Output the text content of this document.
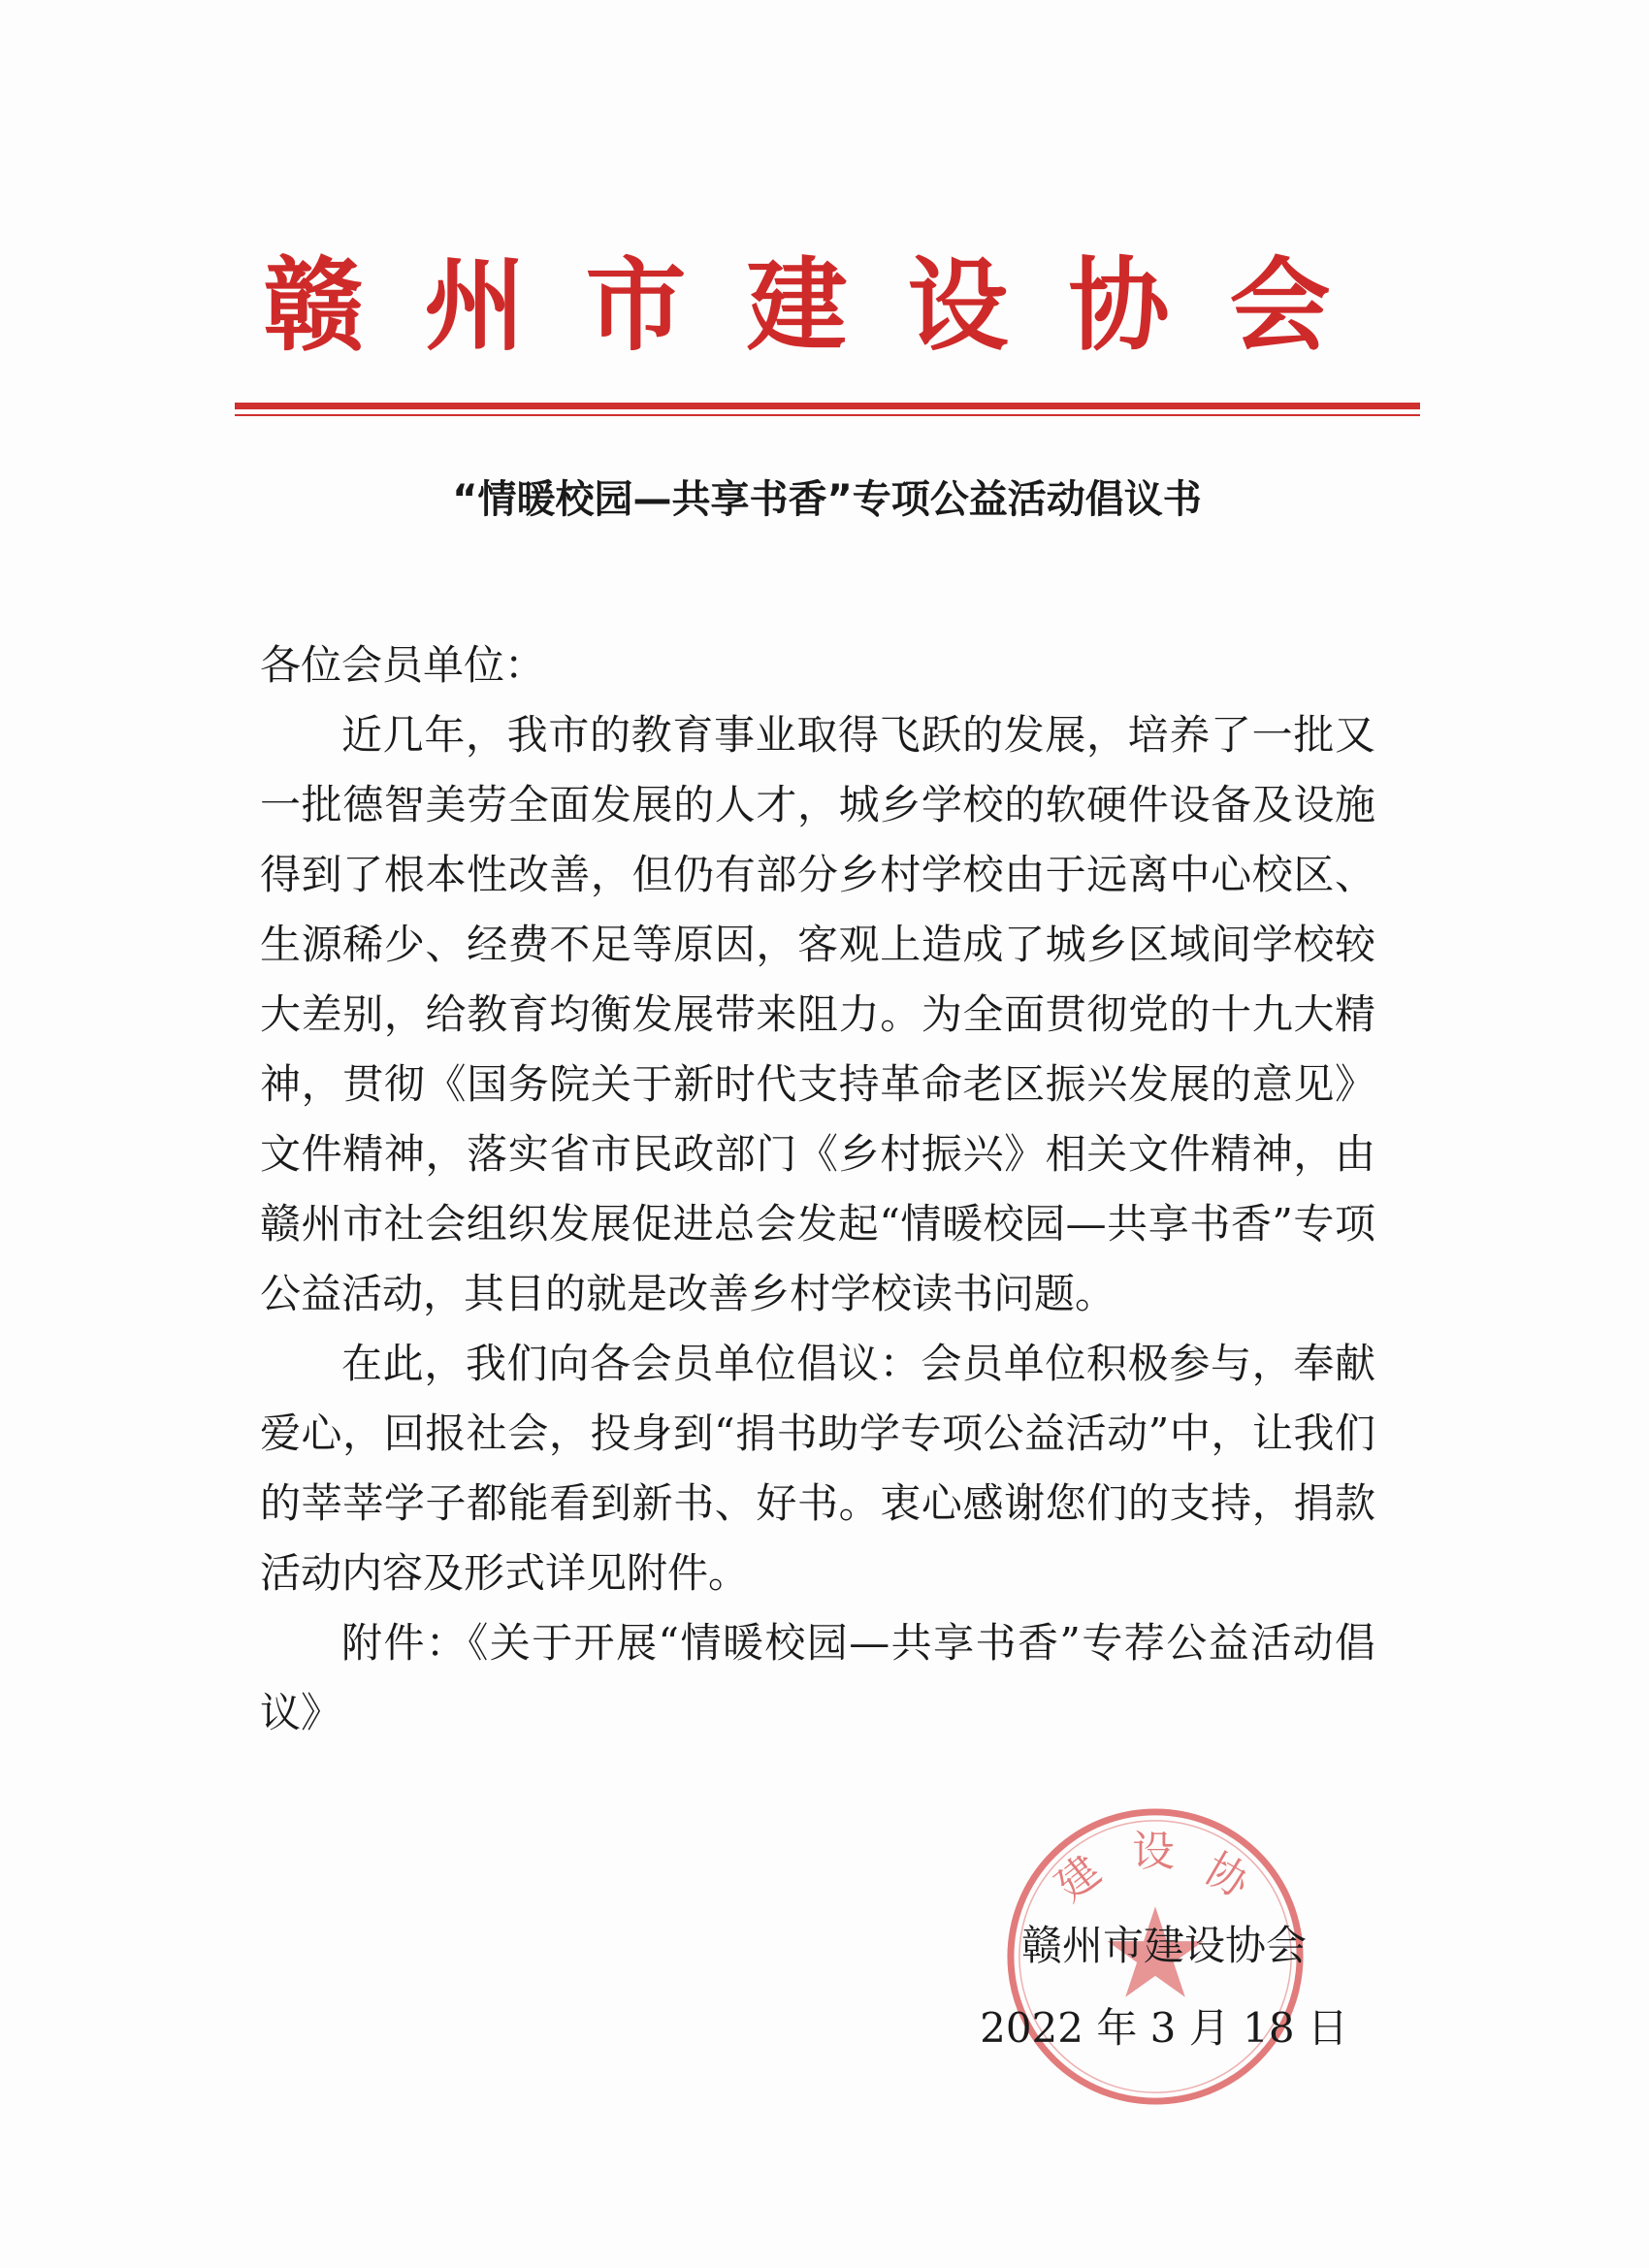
赣州市建设协会
“情暖校园—共享书香”专项公益活动倡议书
各位会员单位：

近几年，我市的教育事业取得飞跃的发展，培养了一批又一批德智美劳全面发展的人才，城乡学校的软硬件设备及设施得到了根本性改善，但仍有部分乡村学校由于远离中心校区、生源稀少、经费不足等原因，客观上造成了城乡区域间学校较大差别，给教育均衡发展带来阻力。为全面贯彻党的十九大精神，贯彻《国务院关于新时代支持革命老区振兴发展的意见》文件精神，落实省市民政部门《乡村振兴》相关文件精神，由赣州市社会组织发展促进总会发起“情暖校园—共享书香”专项公益活动，其目的就是改善乡村学校读书问题。

在此，我们向各会员单位倡议：会员单位积极参与，奉献爱心，回报社会，投身到“捐书助学专项公益活动”中，让我们的莘莘学子都能看到新书、好书。衷心感谢您们的支持，捐款活动内容及形式详见附件。

附件：《关于开展“情暖校园—共享书香”专荐公益活动倡议》

建 设 协
赣州市建设协会
2022 年 3 月 18 日
